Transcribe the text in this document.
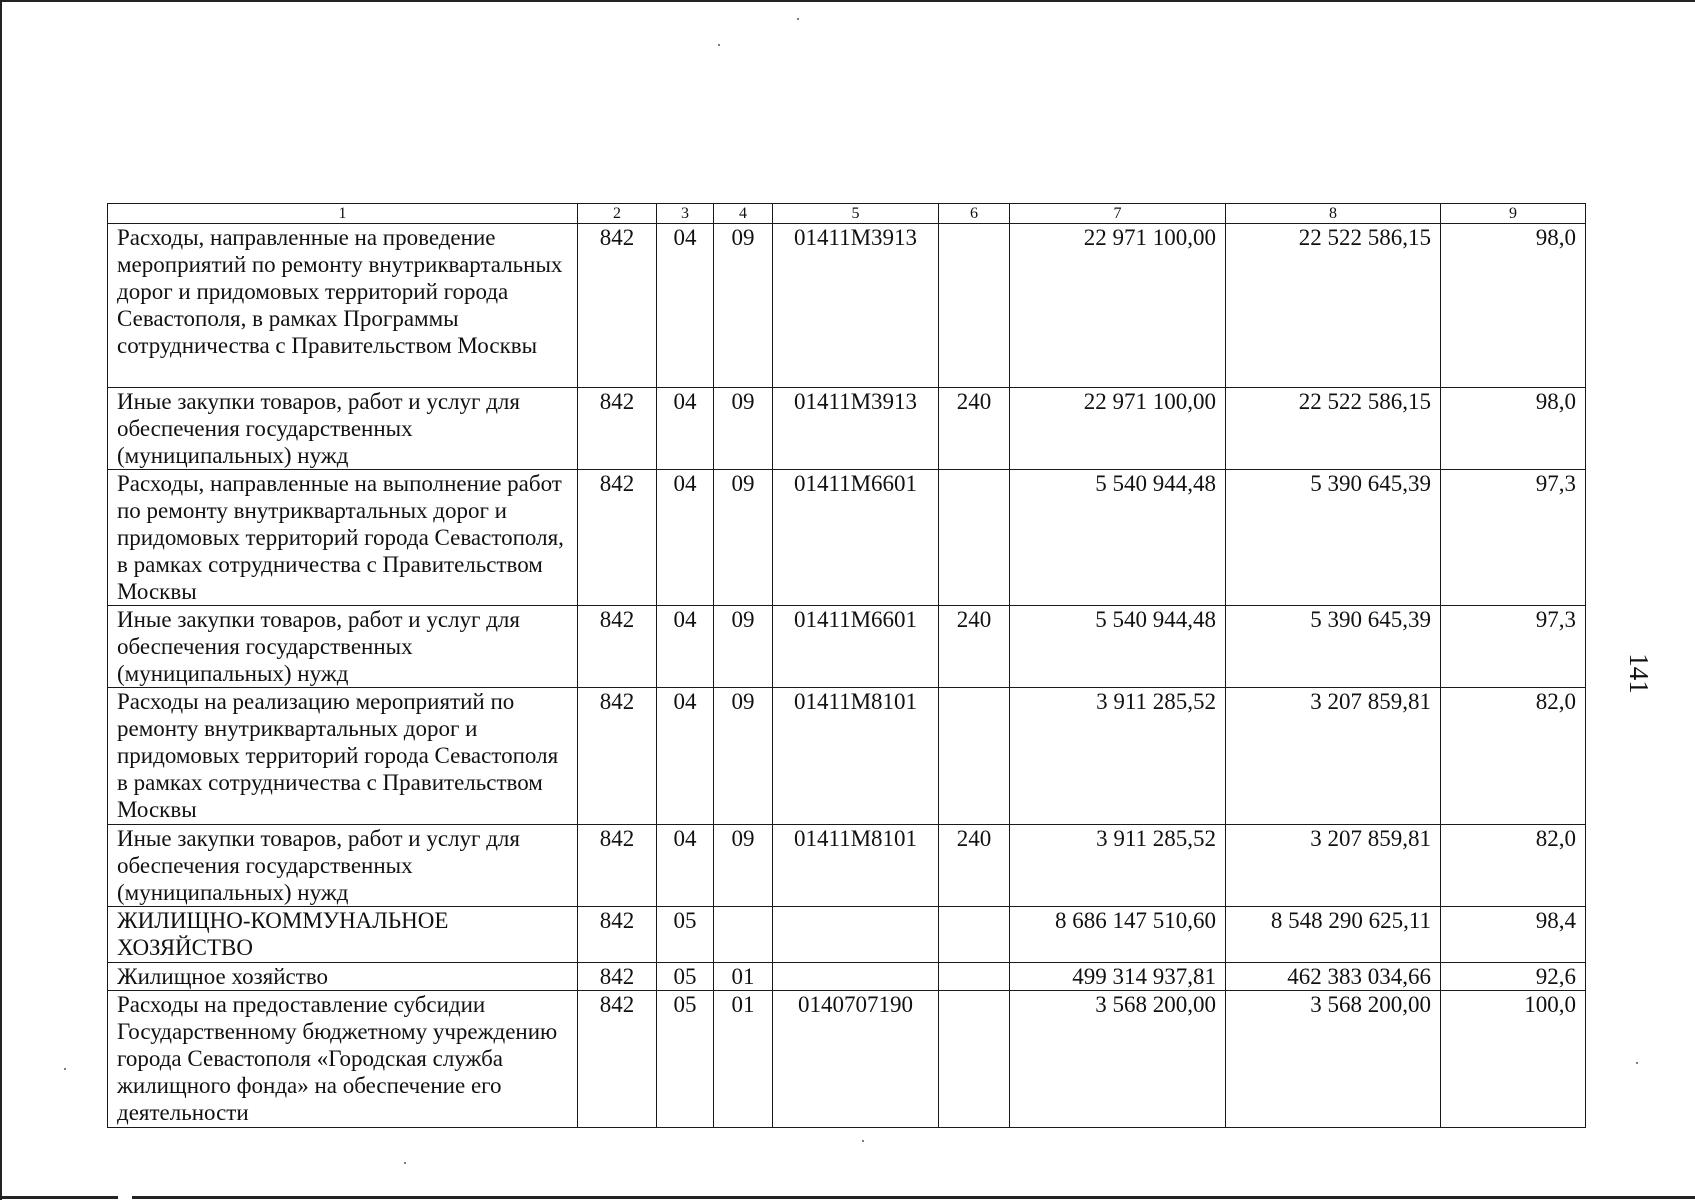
141
1	2	3	4	5	6	7	8	9
Расходы, направленные на проведение мероприятий по ремонту внутриквартальных дорог и придомовых территорий города Севастополя, в рамках Программы сотрудничества с Правительством Москвы	842	04	09	01411М3913		22 971 100,00	22 522 586,15	98,0
Иные закупки товаров, работ и услуг для обеспечения государственных (муниципальных) нужд	842	04	09	01411М3913	240	22 971 100,00	22 522 586,15	98,0
Расходы, направленные на выполнение работ по ремонту внутриквартальных дорог и придомовых территорий города Севастополя, в рамках сотрудничества с Правительством Москвы	842	04	09	01411М6601		5 540 944,48	5 390 645,39	97,3
Иные закупки товаров, работ и услуг для обеспечения государственных (муниципальных) нужд	842	04	09	01411М6601	240	5 540 944,48	5 390 645,39	97,3
Расходы на реализацию мероприятий по ремонту внутриквартальных дорог и придомовых территорий города Севастополя в рамках сотрудничества с Правительством Москвы	842	04	09	01411М8101		3 911 285,52	3 207 859,81	82,0
Иные закупки товаров, работ и услуг для обеспечения государственных (муниципальных) нужд	842	04	09	01411М8101	240	3 911 285,52	3 207 859,81	82,0
ЖИЛИЩНО-КОММУНАЛЬНОЕ ХОЗЯЙСТВО	842	05				8 686 147 510,60	8 548 290 625,11	98,4
Жилищное хозяйство	842	05	01			499 314 937,81	462 383 034,66	92,6
Расходы на предоставление субсидии Государственному бюджетному учреждению города Севастополя «Городская служба жилищного фонда» на обеспечение его деятельности	842	05	01	0140707190		3 568 200,00	3 568 200,00	100,0
